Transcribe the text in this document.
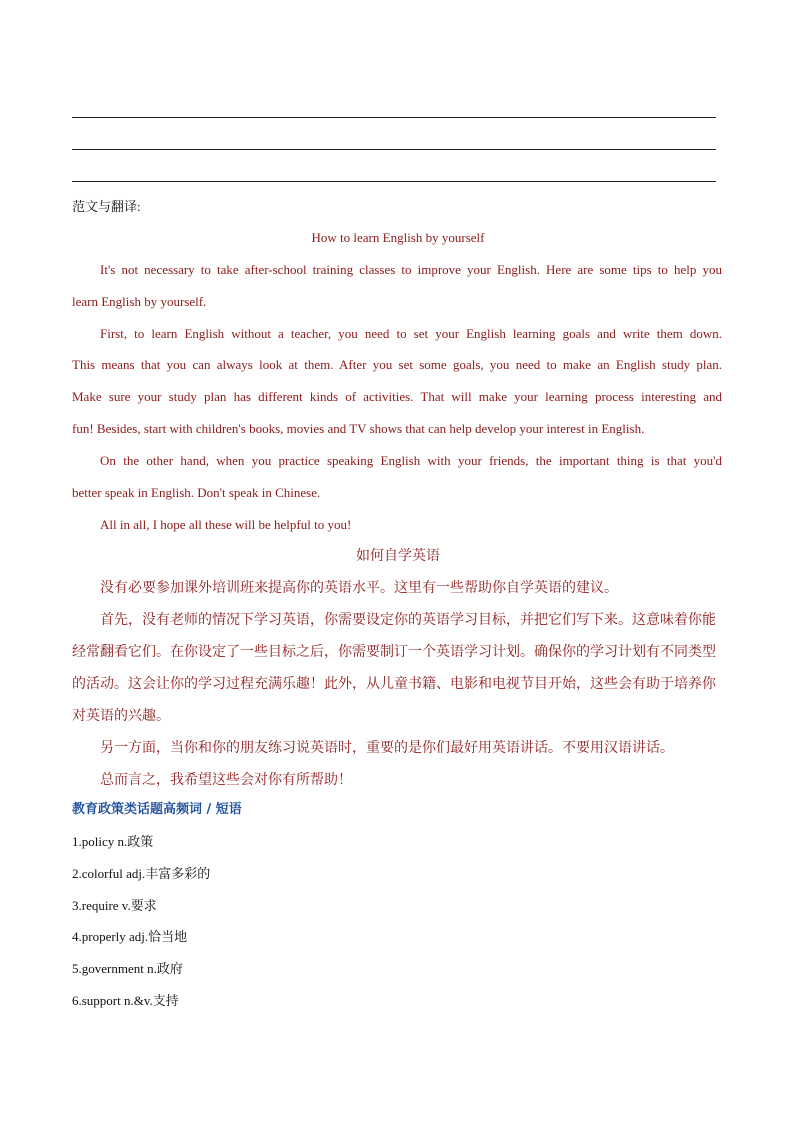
范文与翻译:
How to learn English by yourself
It's not necessary to take after-school training classes to improve your English. Here are some tips to help you
learn English by yourself.
First, to learn English without a teacher, you need to set your English learning goals and write them down.
This means that you can always look at them. After you set some goals, you need to make an English study plan.
Make sure your study plan has different kinds of activities. That will make your learning process interesting and
fun! Besides, start with children's books, movies and TV shows that can help develop your interest in English.
On the other hand, when you practice speaking English with your friends, the important thing is that you'd
better speak in English. Don't speak in Chinese.
All in all, I hope all these will be helpful to you!
如何自学英语
没有必要参加课外培训班来提高你的英语水平。这里有一些帮助你自学英语的建议。
首先，没有老师的情况下学习英语，你需要设定你的英语学习目标，并把它们写下来。这意味着你能
经常翻看它们。在你设定了一些目标之后，你需要制订一个英语学习计划。确保你的学习计划有不同类型
的活动。这会让你的学习过程充满乐趣！此外，从儿童书籍、电影和电视节目开始，这些会有助于培养你
对英语的兴趣。
另一方面，当你和你的朋友练习说英语时，重要的是你们最好用英语讲话。不要用汉语讲话。
总而言之，我希望这些会对你有所帮助！
教育政策类话题高频词 / 短语
1.policy n.政策
2.colorful adj.丰富多彩的
3.require v.要求
4.properly adj.恰当地
5.government n.政府
6.support n.&v.支持
